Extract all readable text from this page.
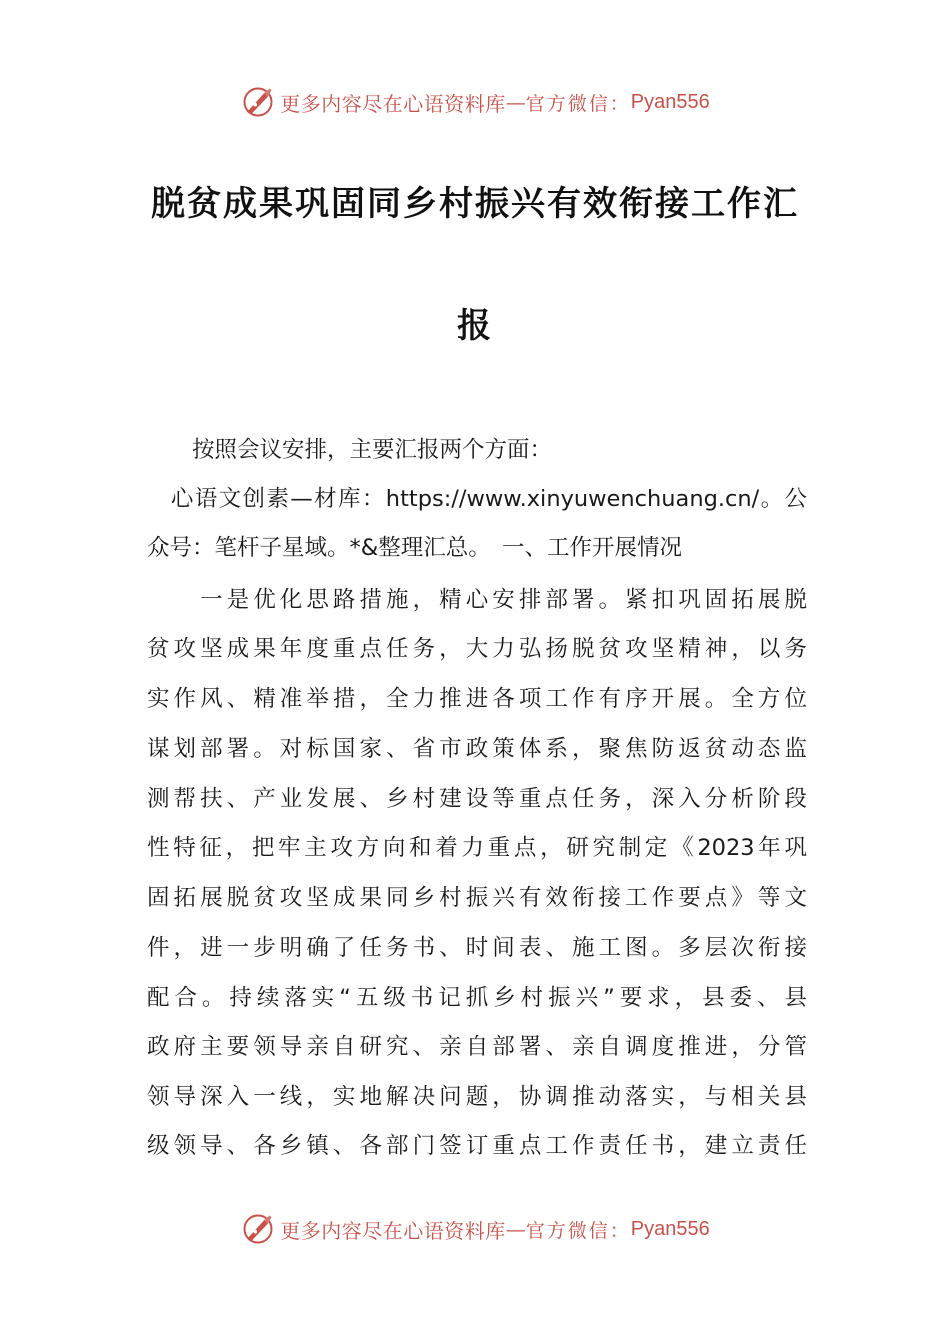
更多内容尽在心语资料库 — 官方微信： Pyan556
脱贫成果巩固同乡村振兴有效衔接工作汇
报
　　按照会议安排，主要汇报两个方面：
　心语文创素—材库：https://www.xinyuwenchuang.cn/。公
众号：笔杆子星域。*&整理汇总。　一、工作开展情况
　　一是优化思路措施，精心安排部署。紧扣巩固拓展脱
贫攻坚成果年度重点任务，大力弘扬脱贫攻坚精神，以务
实作风、精准举措，全力推进各项工作有序开展。全方位
谋划部署。对标国家、省市政策体系，聚焦防返贫动态监
测帮扶、产业发展、乡村建设等重点任务，深入分析阶段
性特征，把牢主攻方向和着力重点，研究制定《2023年巩
固拓展脱贫攻坚成果同乡村振兴有效衔接工作要点》等文
件，进一步明确了任务书、时间表、施工图。多层次衔接
配合。持续落实“五级书记抓乡村振兴”要求，县委、县
政府主要领导亲自研究、亲自部署、亲自调度推进，分管
领导深入一线，实地解决问题，协调推动落实，与相关县
级领导、各乡镇、各部门签订重点工作责任书，建立责任
更多内容尽在心语资料库 — 官方微信： Pyan556
